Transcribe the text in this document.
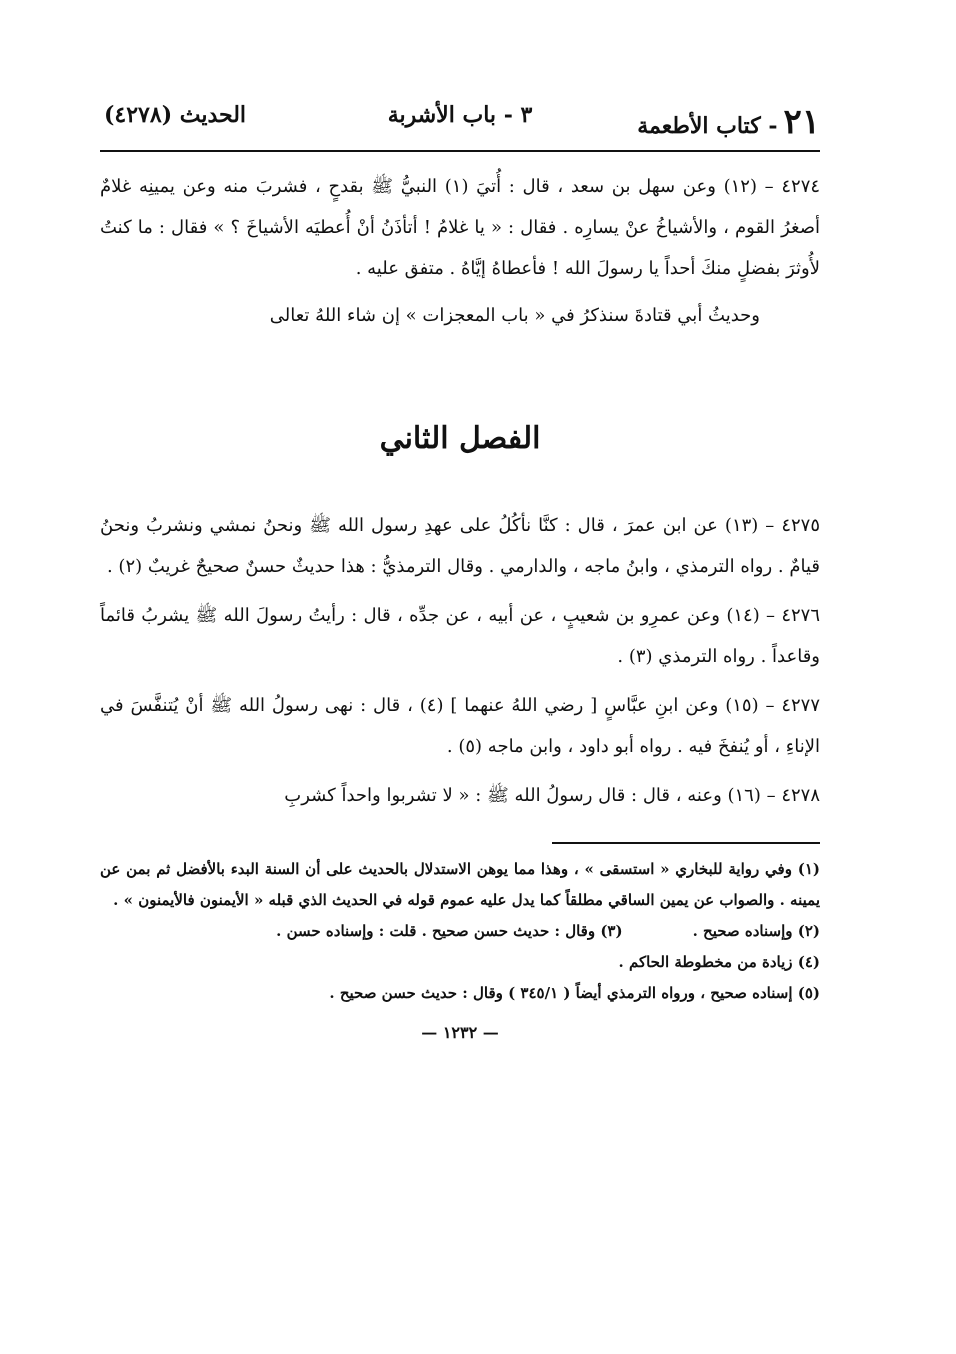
٢١- كتاب الأطعمة
٣ - باب الأشربة
الحديث (٤٢٧٨)

٤٢٧٤ – (١٢) وعن سهل بن سعد ، قال : أُتيَ (١) النبيُّ ﷺ بقدحٍ ، فشربَ منه وعن يمينِه غلامٌ أصغرُ القوم ، والأشياخُ عنْ يسارِه . فقال : « يا غلامُ ! أتأذَنُ أنْ أُعطيَه الأشياخَ ؟ » فقال : ما كنتُ لأُوثرَ بفضلٍ منكَ أحداً يا رسولَ الله ! فأعطاهُ إيَّاهُ . متفق عليه .

وحديثُ أبي قتادةَ سنذكرُ في « باب المعجزات » إن شاء اللهُ تعالى

الفصل الثاني

٤٢٧٥ – (١٣) عن ابن عمرَ ، قال : كنَّا نأكُلُ على عهدِ رسول الله ﷺ ونحنُ نمشي ونشربُ ونحنُ قيامٌ . رواه الترمذي ، وابنُ ماجه ، والدارمي . وقال الترمذيُّ : هذا حديثٌ حسنٌ صحيحٌ غريبٌ (٢) .

٤٢٧٦ – (١٤) وعن عمرِو بن شعيبٍ ، عن أبيه ، عن جدِّه ، قال : رأيتُ رسولَ الله ﷺ يشربُ قائماً وقاعداً . رواه الترمذي (٣) .

٤٢٧٧ – (١٥) وعن ابنِ عبَّاسٍ [ رضي اللهُ عنهما ] (٤) ، قال : نهى رسولُ الله ﷺ أنْ يُتنفَّسَ في الإناءِ ، أو يُنفخَ فيه . رواه أبو داود ، وابن ماجه (٥) .

٤٢٧٨ – (١٦) وعنه ، قال : قال رسولُ الله ﷺ : « لا تشربوا واحداً كشربِ

(١) وفي رواية للبخاري « استسقى » ، وهذا مما يوهن الاستدلال بالحديث على أن السنة البدء بالأفضل ثم بمن عن يمينه . والصواب عن يمين الساقي مطلقاً كما يدل عليه عموم قوله في الحديث الذي قبله « الأيمنون فالأيمنون » .

(٢) وإسناده صحيح .

(٣) وقال : حديث حسن صحيح . قلت : وإسناده حسن .

(٤) زيادة من مخطوطة الحاكم .

(٥) إسناده صحيح ، ورواه الترمذي أيضاً ( ٣٤٥/١ ) وقال : حديث حسن صحيح .

— ١٢٣٢ —
